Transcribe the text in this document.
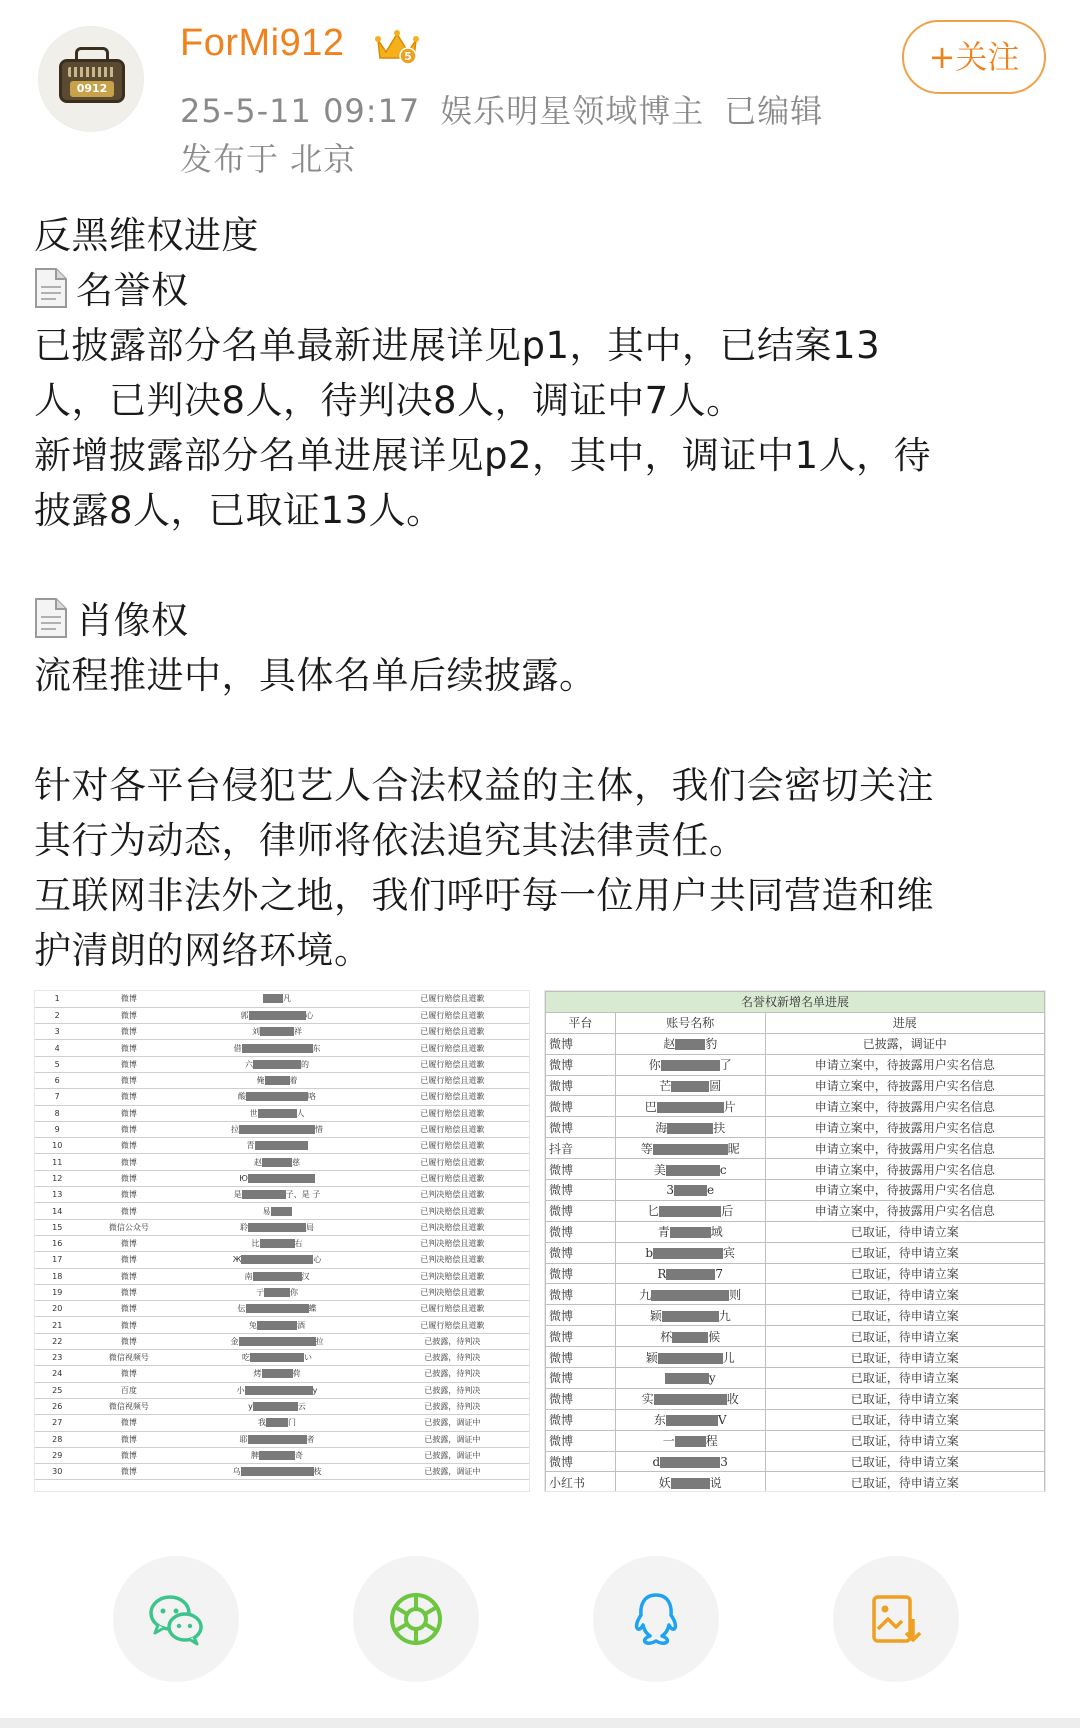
0912
ForMi912	5
25-5-11 09:17 娱乐明星领域博主 已编辑
发布于 北京
+关注

反黑维权进度

名誉权

已披露部分名单最新进展详见p1，其中，已结案13

人，已判决8人，待判决8人，调证中7人。

新增披露部分名单进展详见p2，其中，调证中1人，待

披露8人，已取证13人。

肖像权

流程推进中，具体名单后续披露。

针对各平台侵犯艺人合法权益的主体，我们会密切关注

其行为动态，律师将依法追究其法律责任。

互联网非法外之地，我们呼吁每一位用户共同营造和维

护清朗的网络环境。

1	微博	凡	已履行赔偿且道歉
2	微博	郭 心	已履行赔偿且道歉
3	微博	刘 祥	已履行赔偿且道歉
4	微博	借 东	已履行赔偿且道歉
5	微博	六 的	已履行赔偿且道歉
6	微博	俺 着	已履行赔偿且道歉
7	微博	酸 咯	已履行赔偿且道歉
8	微博	世 人	已履行赔偿且道歉
9	微博	拉 惜	已履行赔偿且道歉
10	微博	青	已履行赔偿且道歉
11	微博	赵 慈	已履行赔偿且道歉
12	微博	Ю	已履行赔偿且道歉
13	微博	是 子、是 子	已判决赔偿且道歉
14	微博	易	已判决赔偿且道歉
15	微信公众号	聆 局	已判决赔偿且道歉
16	微博	比 右	已判决赔偿且道歉
17	微博	Ж 心	已判决赔偿且道歉
18	微博	南 汉	已判决赔偿且道歉
19	微博	亍 你	已判决赔偿且道歉
20	微博	伝 蝶	已履行赔偿且道歉
21	微博	兔 酒	已履行赔偿且道歉
22	微博	金 拉	已披露，待判决
23	微信视频号	吃 い	已披露，待判决
24	微博	烤 荷	已披露，待判决
25	百度	小 y	已披露，待判决
26	微信视频号	y 云	已披露，待判决
27	微博	我 门	已披露，调证中
28	微博	耶 者	已披露，调证中
29	微博	脾 奇	已披露，调证中
30	微博	乌 枝	已披露，调证中
名誉权新增名单进展		
平台	账号名称	进展
微博	赵 豹	已披露，调证中
微博	你 了	申请立案中，待披露用户实名信息
微博	芒 圆	申请立案中，待披露用户实名信息
微博	巴 片	申请立案中，待披露用户实名信息
微博	海 扶	申请立案中，待披露用户实名信息
抖音	等 昵	申请立案中，待披露用户实名信息
微博	美 c	申请立案中，待披露用户实名信息
微博	3 e	申请立案中，待披露用户实名信息
微博	匕 后	申请立案中，待披露用户实名信息
微博	青 域	已取证，待申请立案
微博	b 宾	已取证，待申请立案
微博	R 7	已取证，待申请立案
微博	九 则	已取证，待申请立案
微博	颖 九	已取证，待申请立案
微博	杯 候	已取证，待申请立案
微博	颖 儿	已取证，待申请立案
微博	y	已取证，待申请立案
微博	实 收	已取证，待申请立案
微博	东 V	已取证，待申请立案
微博	一 程	已取证，待申请立案
微博	d 3	已取证，待申请立案
小红书	妖 说	已取证，待申请立案
